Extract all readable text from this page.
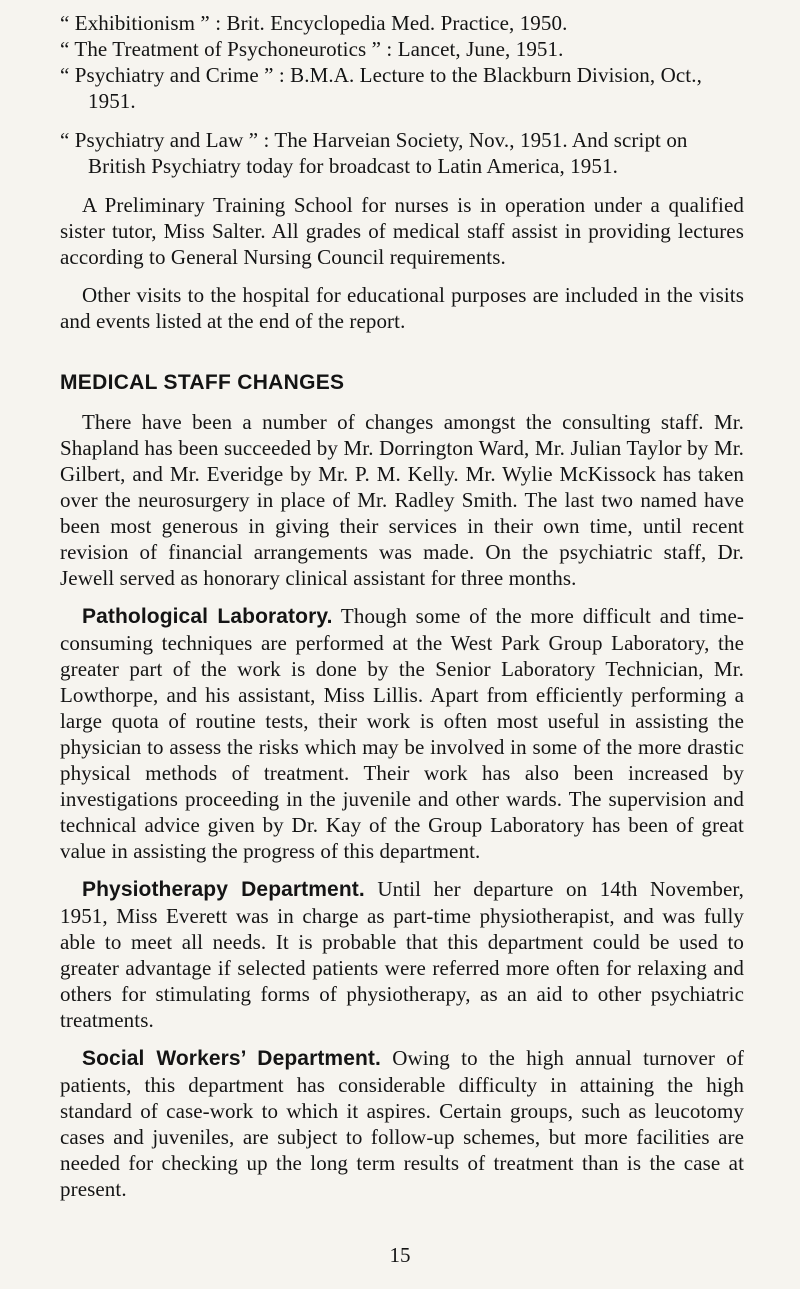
“ Exhibitionism ” : Brit. Encyclopedia Med. Practice, 1950.

“ The Treatment of Psychoneurotics ” : Lancet, June, 1951.

“ Psychiatry and Crime ” : B.M.A. Lecture to the Blackburn Division, Oct., 1951.

“ Psychiatry and Law ” : The Harveian Society, Nov., 1951. And script on British Psychiatry today for broadcast to Latin America, 1951.

A Preliminary Training School for nurses is in operation under a qualified sister tutor, Miss Salter. All grades of medical staff assist in providing lectures according to General Nursing Council requirements.

Other visits to the hospital for educational purposes are included in the visits and events listed at the end of the report.

MEDICAL STAFF CHANGES

There have been a number of changes amongst the consulting staff. Mr. Shapland has been succeeded by Mr. Dorrington Ward, Mr. Julian Taylor by Mr. Gilbert, and Mr. Everidge by Mr. P. M. Kelly. Mr. Wylie McKissock has taken over the neurosurgery in place of Mr. Radley Smith. The last two named have been most generous in giving their services in their own time, until recent revision of financial arrangements was made. On the psychiatric staff, Dr. Jewell served as honorary clinical assistant for three months.

Pathological Laboratory. Though some of the more difficult and time-consuming techniques are performed at the West Park Group Laboratory, the greater part of the work is done by the Senior Laboratory Technician, Mr. Lowthorpe, and his assistant, Miss Lillis. Apart from efficiently performing a large quota of routine tests, their work is often most useful in assisting the physician to assess the risks which may be involved in some of the more drastic physical methods of treatment. Their work has also been increased by investigations proceeding in the juvenile and other wards. The supervision and technical advice given by Dr. Kay of the Group Laboratory has been of great value in assisting the progress of this department.

Physiotherapy Department. Until her departure on 14th November, 1951, Miss Everett was in charge as part-time physiotherapist, and was fully able to meet all needs. It is probable that this department could be used to greater advantage if selected patients were referred more often for relaxing and others for stimulating forms of physiotherapy, as an aid to other psychiatric treatments.

Social Workers’ Department. Owing to the high annual turnover of patients, this department has considerable difficulty in attaining the high standard of case-work to which it aspires. Certain groups, such as leucotomy cases and juveniles, are subject to follow-up schemes, but more facilities are needed for checking up the long term results of treatment than is the case at present.

15
